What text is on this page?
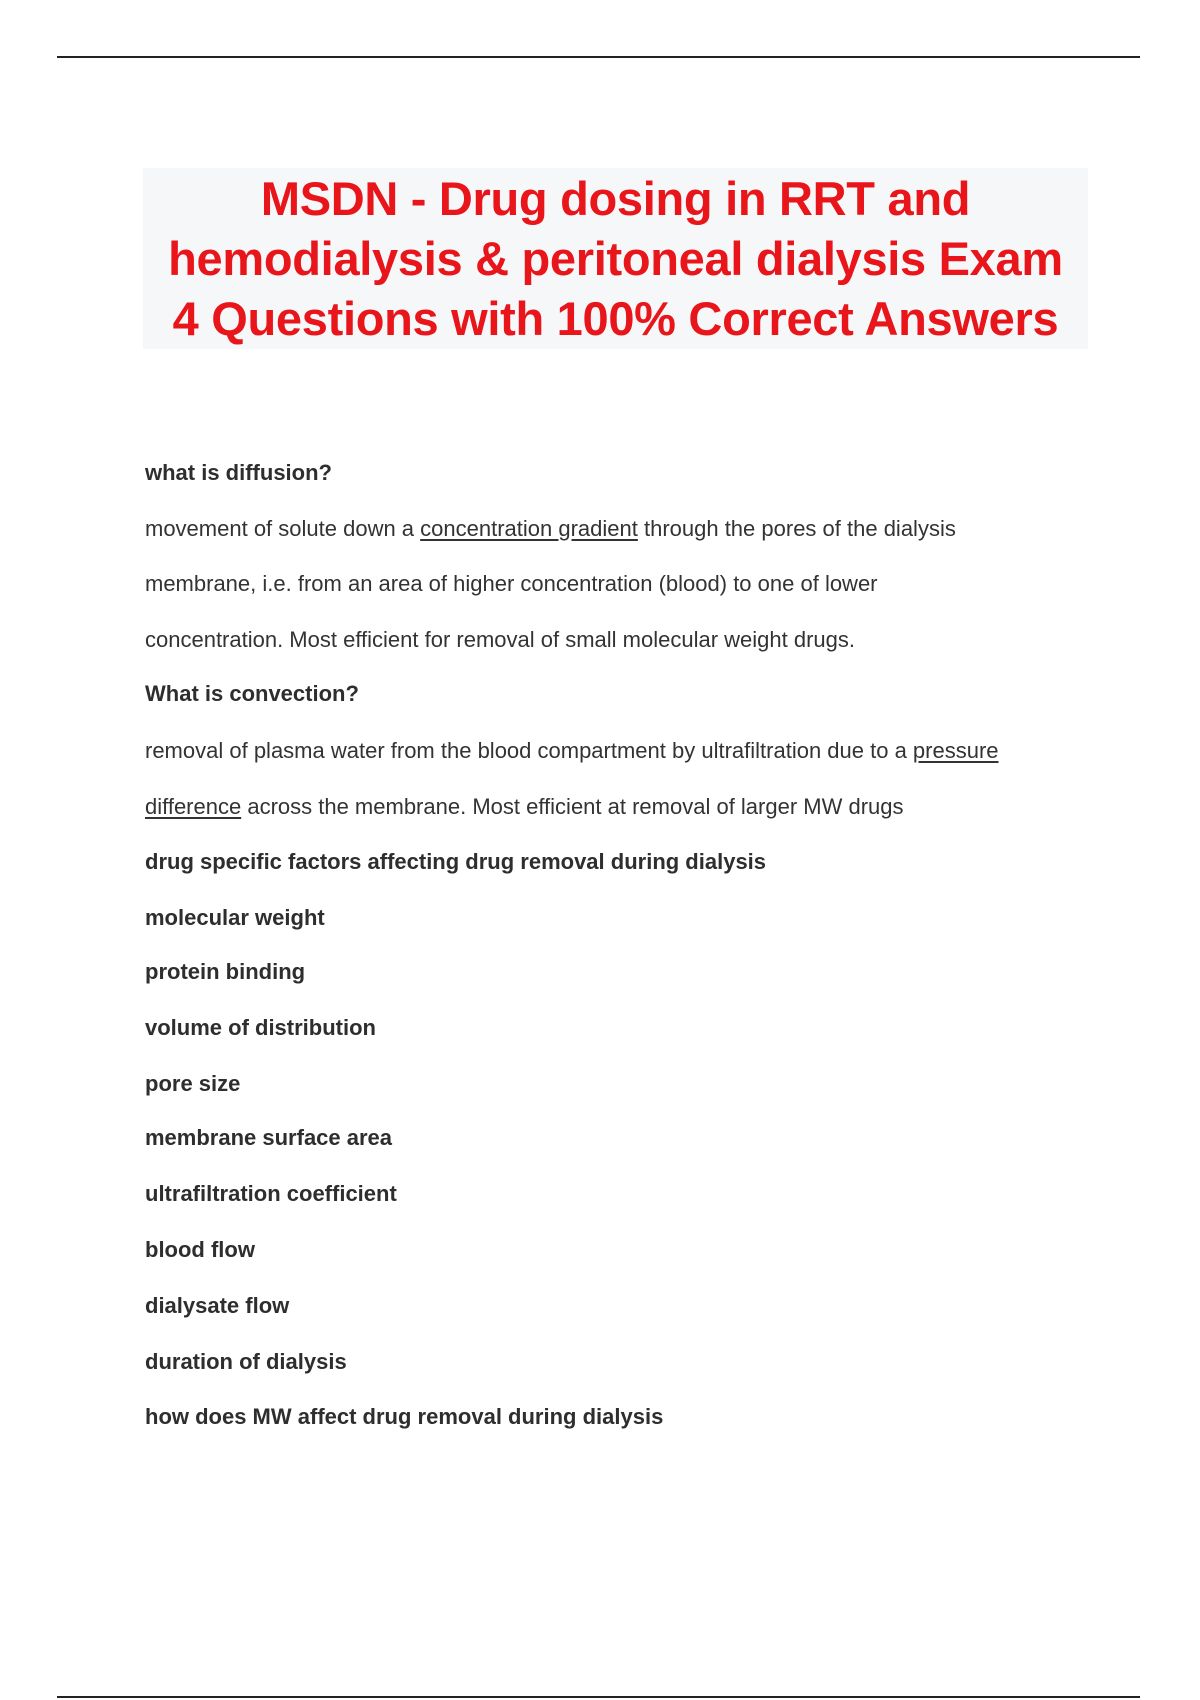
MSDN - Drug dosing in RRT and
hemodialysis & peritoneal dialysis Exam
4 Questions with 100% Correct Answers
what is diffusion?
movement of solute down a concentration gradient through the pores of the dialysis
membrane, i.e. from an area of higher concentration (blood) to one of lower
concentration. Most efficient for removal of small molecular weight drugs.
What is convection?
removal of plasma water from the blood compartment by ultrafiltration due to a pressure
difference across the membrane. Most efficient at removal of larger MW drugs
drug specific factors affecting drug removal during dialysis
molecular weight
protein binding
volume of distribution
pore size
membrane surface area
ultrafiltration coefficient
blood flow
dialysate flow
duration of dialysis
how does MW affect drug removal during dialysis
